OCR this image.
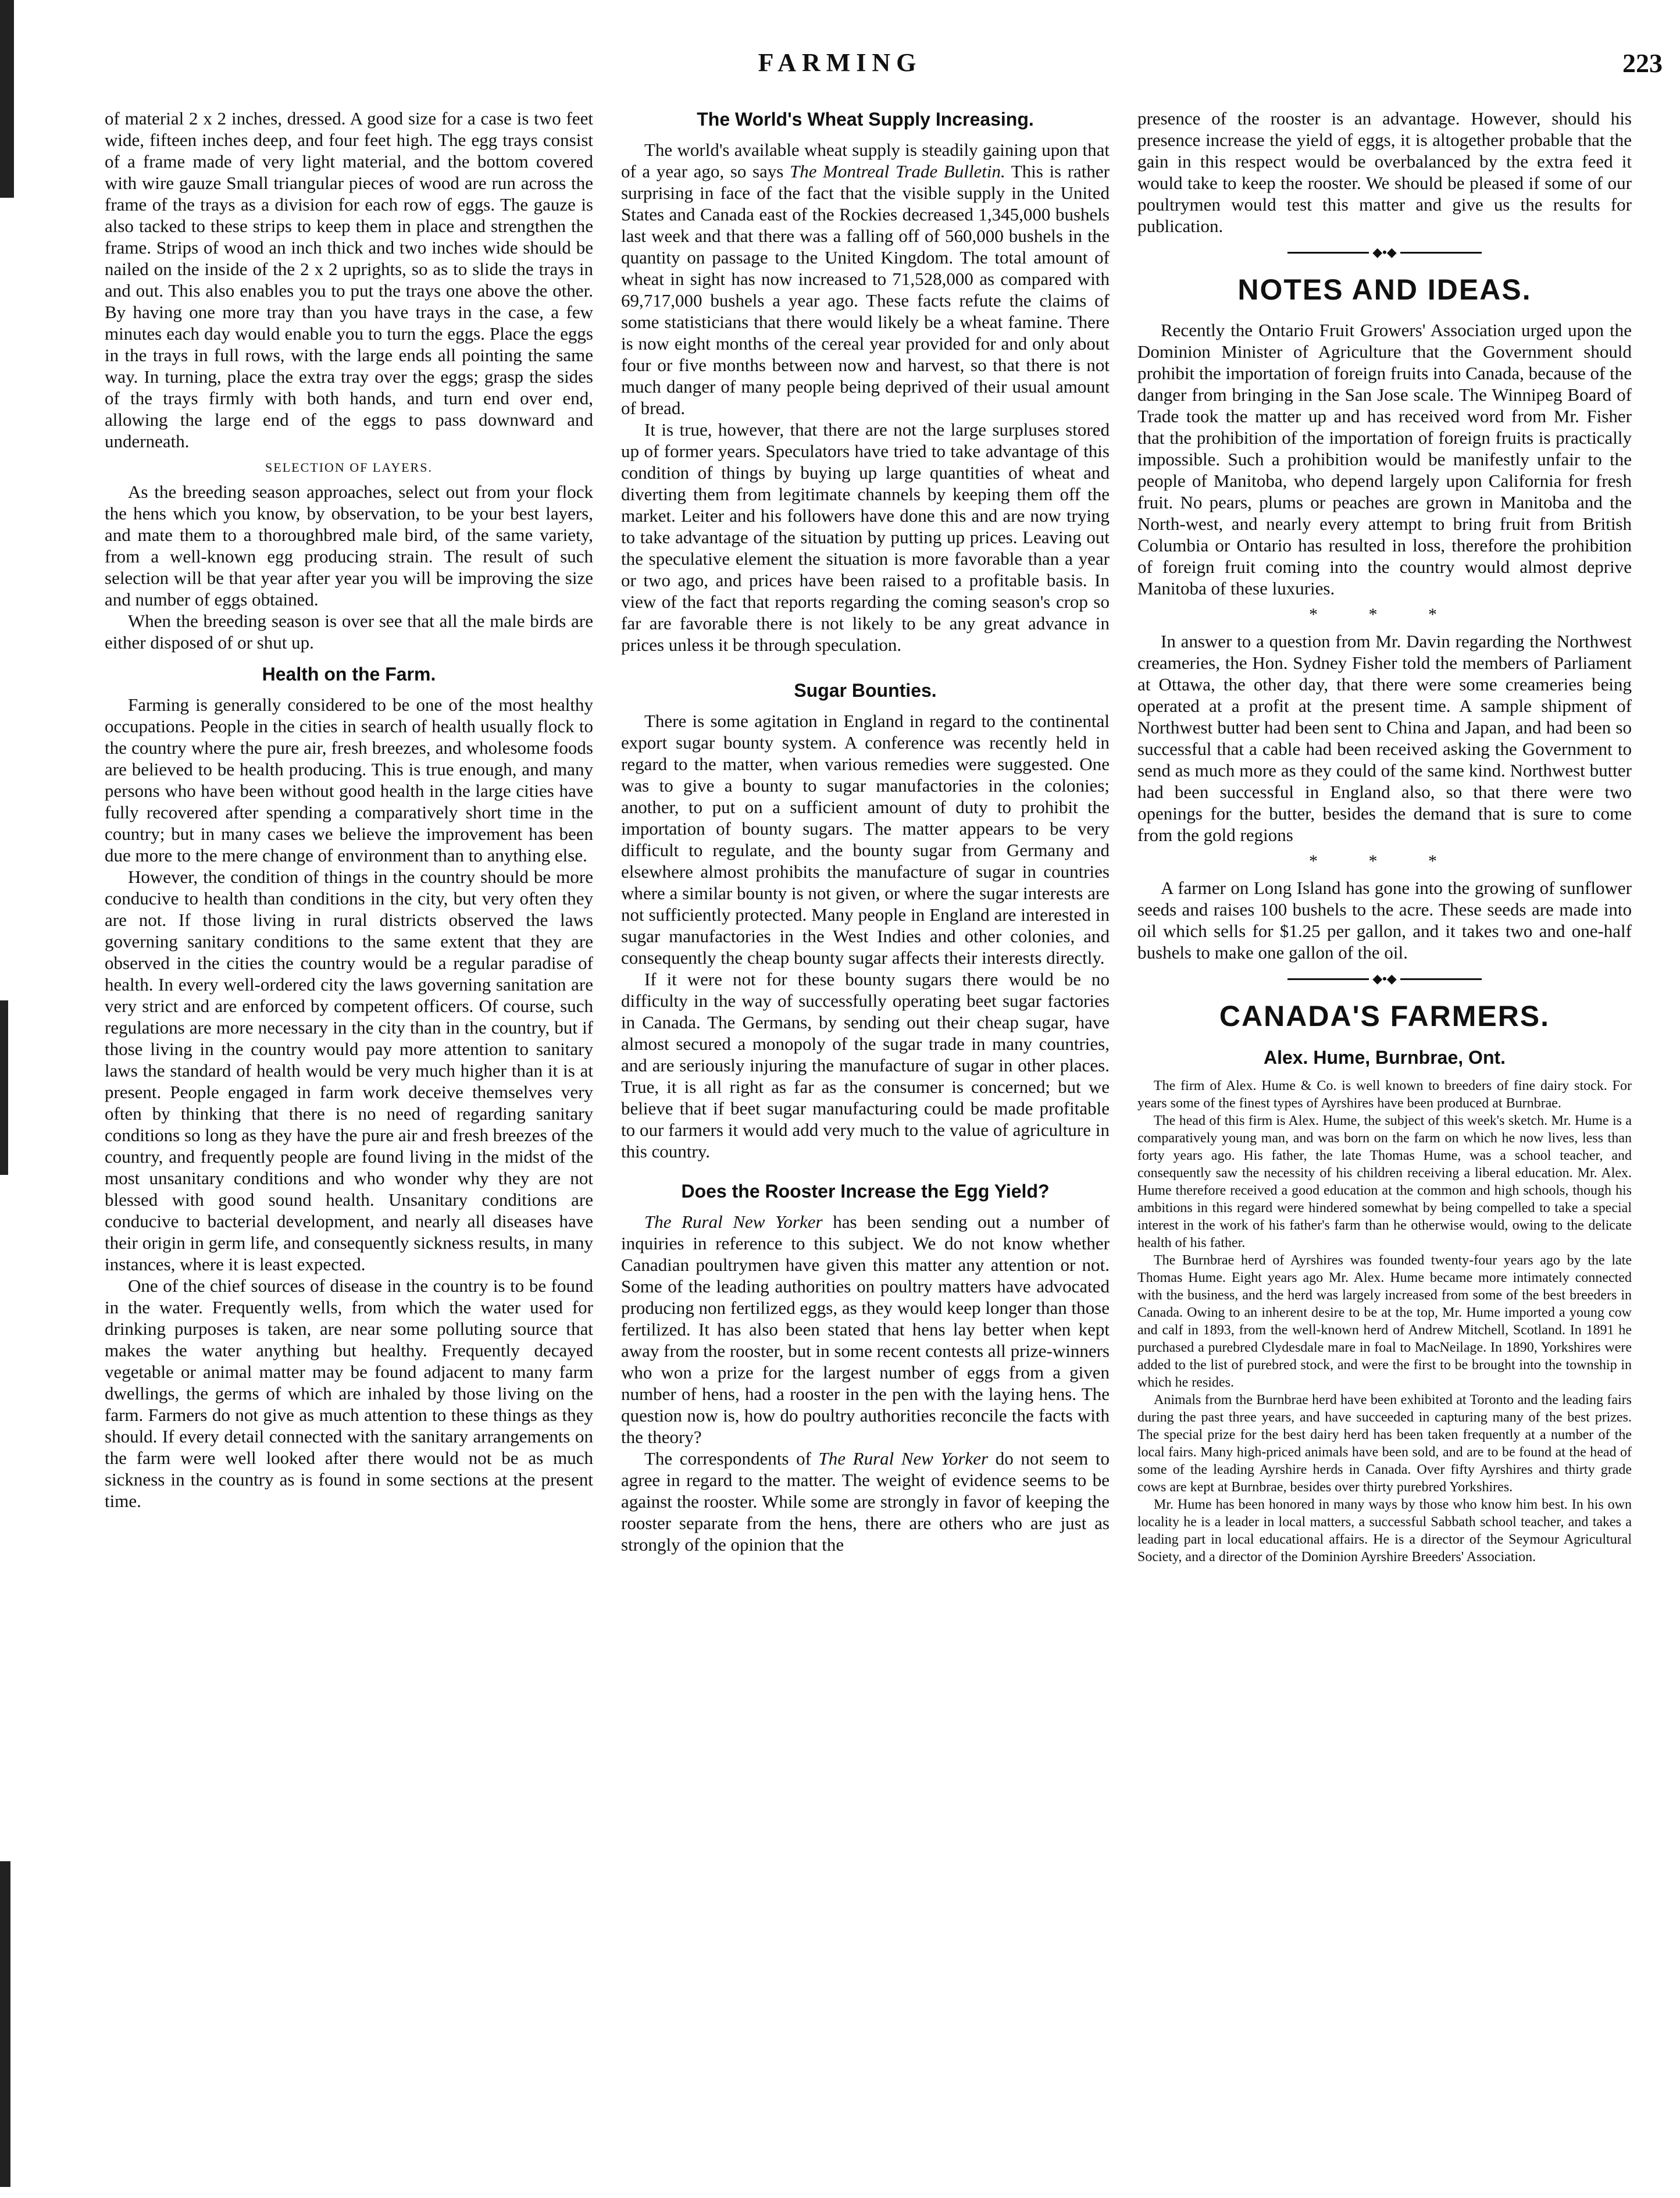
FARMING	223

of material 2 x 2 inches, dressed. A good size for a case is two feet wide, fifteen inches deep, and four feet high. The egg trays consist of a frame made of very light material, and the bottom covered with wire gauze Small triangular pieces of wood are run across the frame of the trays as a division for each row of eggs. The gauze is also tacked to these strips to keep them in place and strengthen the frame. Strips of wood an inch thick and two inches wide should be nailed on the inside of the 2 x 2 uprights, so as to slide the trays in and out. This also enables you to put the trays one above the other. By having one more tray than you have trays in the case, a few minutes each day would enable you to turn the eggs. Place the eggs in the trays in full rows, with the large ends all pointing the same way. In turning, place the extra tray over the eggs; grasp the sides of the trays firmly with both hands, and turn end over end, allowing the large end of the eggs to pass downward and underneath.

SELECTION OF LAYERS.

As the breeding season approaches, select out from your flock the hens which you know, by observation, to be your best layers, and mate them to a thoroughbred male bird, of the same variety, from a well-known egg producing strain. The result of such selection will be that year after year you will be improving the size and number of eggs obtained.

When the breeding season is over see that all the male birds are either disposed of or shut up.

Health on the Farm.

Farming is generally considered to be one of the most healthy occupations. People in the cities in search of health usually flock to the country where the pure air, fresh breezes, and wholesome foods are believed to be health producing. This is true enough, and many persons who have been without good health in the large cities have fully recovered after spending a comparatively short time in the country; but in many cases we believe the improvement has been due more to the mere change of environment than to anything else.

However, the condition of things in the country should be more conducive to health than conditions in the city, but very often they are not. If those living in rural districts observed the laws governing sanitary conditions to the same extent that they are observed in the cities the country would be a regular paradise of health. In every well-ordered city the laws governing sanitation are very strict and are enforced by competent officers. Of course, such regulations are more necessary in the city than in the country, but if those living in the country would pay more attention to sanitary laws the standard of health would be very much higher than it is at present. People engaged in farm work deceive themselves very often by thinking that there is no need of regarding sanitary conditions so long as they have the pure air and fresh breezes of the country, and frequently people are found living in the midst of the most unsanitary conditions and who wonder why they are not blessed with good sound health. Unsanitary conditions are conducive to bacterial development, and nearly all diseases have their origin in germ life, and consequently sickness results, in many instances, where it is least expected.

One of the chief sources of disease in the country is to be found in the water. Frequently wells, from which the water used for drinking purposes is taken, are near some polluting source that makes the water anything but healthy. Frequently decayed vegetable or animal matter may be found adjacent to many farm dwellings, the germs of which are inhaled by those living on the farm. Farmers do not give as much attention to these things as they should. If every detail connected with the sanitary arrangements on the farm were well looked after there would not be as much sickness in the country as is found in some sections at the present time.

The World's Wheat Supply Increasing.

The world's available wheat supply is steadily gaining upon that of a year ago, so says The Montreal Trade Bulletin. This is rather surprising in face of the fact that the visible supply in the United States and Canada east of the Rockies decreased 1,345,000 bushels last week and that there was a falling off of 560,000 bushels in the quantity on passage to the United Kingdom. The total amount of wheat in sight has now increased to 71,528,000 as compared with 69,717,000 bushels a year ago. These facts refute the claims of some statisticians that there would likely be a wheat famine. There is now eight months of the cereal year provided for and only about four or five months between now and harvest, so that there is not much danger of many people being deprived of their usual amount of bread.

It is true, however, that there are not the large surpluses stored up of former years. Speculators have tried to take advantage of this condition of things by buying up large quantities of wheat and diverting them from legitimate channels by keeping them off the market. Leiter and his followers have done this and are now trying to take advantage of the situation by putting up prices. Leaving out the speculative element the situation is more favorable than a year or two ago, and prices have been raised to a profitable basis. In view of the fact that reports regarding the coming season's crop so far are favorable there is not likely to be any great advance in prices unless it be through speculation.

Sugar Bounties.

There is some agitation in England in regard to the continental export sugar bounty system. A conference was recently held in regard to the matter, when various remedies were suggested. One was to give a bounty to sugar manufactories in the colonies; another, to put on a sufficient amount of duty to prohibit the importation of bounty sugars. The matter appears to be very difficult to regulate, and the bounty sugar from Germany and elsewhere almost prohibits the manufacture of sugar in countries where a similar bounty is not given, or where the sugar interests are not sufficiently protected. Many people in England are interested in sugar manufactories in the West Indies and other colonies, and consequently the cheap bounty sugar affects their interests directly.

If it were not for these bounty sugars there would be no difficulty in the way of successfully operating beet sugar factories in Canada. The Germans, by sending out their cheap sugar, have almost secured a monopoly of the sugar trade in many countries, and are seriously injuring the manufacture of sugar in other places. True, it is all right as far as the consumer is concerned; but we believe that if beet sugar manufacturing could be made profitable to our farmers it would add very much to the value of agriculture in this country.

Does the Rooster Increase the Egg Yield?

The Rural New Yorker has been sending out a number of inquiries in reference to this subject. We do not know whether Canadian poultrymen have given this matter any attention or not. Some of the leading authorities on poultry matters have advocated producing non fertilized eggs, as they would keep longer than those fertilized. It has also been stated that hens lay better when kept away from the rooster, but in some recent contests all prize-winners who won a prize for the largest number of eggs from a given number of hens, had a rooster in the pen with the laying hens. The question now is, how do poultry authorities reconcile the facts with the theory?

The correspondents of The Rural New Yorker do not seem to agree in regard to the matter. The weight of evidence seems to be against the rooster. While some are strongly in favor of keeping the rooster separate from the hens, there are others who are just as strongly of the opinion that the

presence of the rooster is an advantage. However, should his presence increase the yield of eggs, it is altogether probable that the gain in this respect would be overbalanced by the extra feed it would take to keep the rooster. We should be pleased if some of our poultrymen would test this matter and give us the results for publication.

◆•◆
NOTES AND IDEAS.

Recently the Ontario Fruit Growers' Association urged upon the Dominion Minister of Agriculture that the Government should prohibit the importation of foreign fruits into Canada, because of the danger from bringing in the San Jose scale. The Winnipeg Board of Trade took the matter up and has received word from Mr. Fisher that the prohibition of the importation of foreign fruits is practically impossible. Such a prohibition would be manifestly unfair to the people of Manitoba, who depend largely upon California for fresh fruit. No pears, plums or peaches are grown in Manitoba and the North-west, and nearly every attempt to bring fruit from British Columbia or Ontario has resulted in loss, therefore the prohibition of foreign fruit coming into the country would almost deprive Manitoba of these luxuries.

* * *

In answer to a question from Mr. Davin regarding the Northwest creameries, the Hon. Sydney Fisher told the members of Parliament at Ottawa, the other day, that there were some creameries being operated at a profit at the present time. A sample shipment of Northwest butter had been sent to China and Japan, and had been so successful that a cable had been received asking the Government to send as much more as they could of the same kind. Northwest butter had been successful in England also, so that there were two openings for the butter, besides the demand that is sure to come from the gold regions

* * *

A farmer on Long Island has gone into the growing of sunflower seeds and raises 100 bushels to the acre. These seeds are made into oil which sells for $1.25 per gallon, and it takes two and one-half bushels to make one gallon of the oil.

◆•◆
CANADA'S FARMERS.
Alex. Hume, Burnbrae, Ont.

The firm of Alex. Hume & Co. is well known to breeders of fine dairy stock. For years some of the finest types of Ayrshires have been produced at Burnbrae.

The head of this firm is Alex. Hume, the subject of this week's sketch. Mr. Hume is a comparatively young man, and was born on the farm on which he now lives, less than forty years ago. His father, the late Thomas Hume, was a school teacher, and consequently saw the necessity of his children receiving a liberal education. Mr. Alex. Hume therefore received a good education at the common and high schools, though his ambitions in this regard were hindered somewhat by being compelled to take a special interest in the work of his father's farm than he otherwise would, owing to the delicate health of his father.

The Burnbrae herd of Ayrshires was founded twenty-four years ago by the late Thomas Hume. Eight years ago Mr. Alex. Hume became more intimately connected with the business, and the herd was largely increased from some of the best breeders in Canada. Owing to an inherent desire to be at the top, Mr. Hume imported a young cow and calf in 1893, from the well-known herd of Andrew Mitchell, Scotland. In 1891 he purchased a purebred Clydesdale mare in foal to MacNeilage. In 1890, Yorkshires were added to the list of purebred stock, and were the first to be brought into the township in which he resides.

Animals from the Burnbrae herd have been exhibited at Toronto and the leading fairs during the past three years, and have succeeded in capturing many of the best prizes. The special prize for the best dairy herd has been taken frequently at a number of the local fairs. Many high-priced animals have been sold, and are to be found at the head of some of the leading Ayrshire herds in Canada. Over fifty Ayrshires and thirty grade cows are kept at Burnbrae, besides over thirty purebred Yorkshires.

Mr. Hume has been honored in many ways by those who know him best. In his own locality he is a leader in local matters, a successful Sabbath school teacher, and takes a leading part in local educational affairs. He is a director of the Seymour Agricultural Society, and a director of the Dominion Ayrshire Breeders' Association.
